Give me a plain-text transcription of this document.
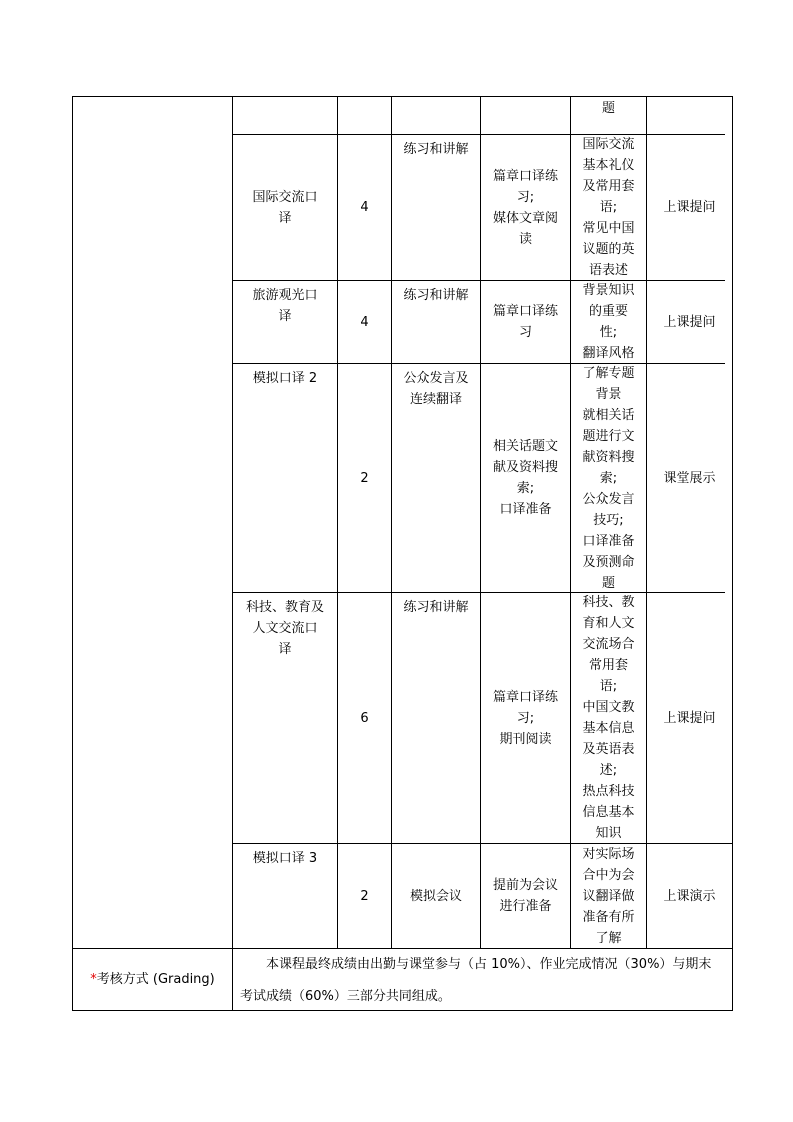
题
国际交流口
译
4
练习和讲解
篇章口译练
习;
媒体文章阅
读
国际交流
基本礼仪
及常用套
语;
常见中国
议题的英
语表述
上课提问
旅游观光口
译	4
练习和讲解
篇章口译练
习
背景知识
的重要
性;
翻译风格
上课提问
模拟口译 2
2
公众发言及
连续翻译
相关话题文
献及资料搜
索;
口译准备
了解专题
背景
就相关话
题进行文
献资料搜
索;
公众发言
技巧;
口译准备
及预测命
题
课堂展示
科技、教育及
人文交流口
译
6
练习和讲解
篇章口译练
习;
期刊阅读
科技、教
育和人文
交流场合
常用套
语;
中国文教
基本信息
及英语表
述;
热点科技
信息基本
知识
上课提问
模拟口译 3
2	模拟会议
提前为会议
进行准备
对实际场
合中为会
议翻译做
准备有所
了解
上课演示
* 考核方式 (Grading)
本课程最终成绩由出勤与课堂参与（占 10%）、作业完成情况（30%）与期末
考试成绩（60%）三部分共同组成。
